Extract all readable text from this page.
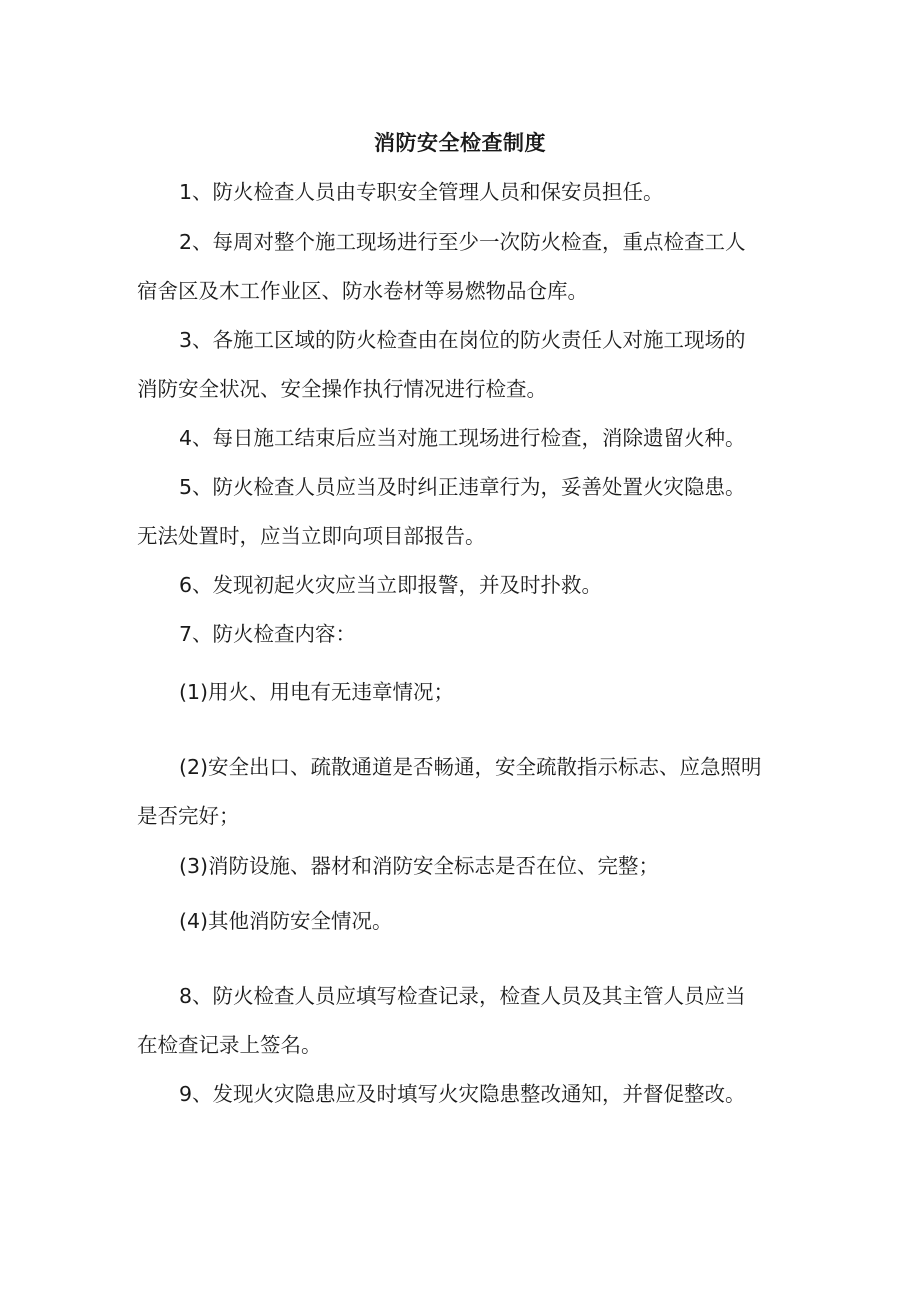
消防安全检查制度
1、防火检查人员由专职安全管理人员和保安员担任。
2、每周对整个施工现场进行至少一次防火检查，重点检查工人
宿舍区及木工作业区、防水卷材等易燃物品仓库。
3、各施工区域的防火检查由在岗位的防火责任人对施工现场的
消防安全状况、安全操作执行情况进行检查。
4、每日施工结束后应当对施工现场进行检查，消除遗留火种。
5、防火检查人员应当及时纠正违章行为，妥善处置火灾隐患。
无法处置时，应当立即向项目部报告。
6、发现初起火灾应当立即报警，并及时扑救。
7、防火检查内容：
(1)用火、用电有无违章情况；
(2)安全出口、疏散通道是否畅通，安全疏散指示标志、应急照明
是否完好；
(3)消防设施、器材和消防安全标志是否在位、完整；
(4)其他消防安全情况。
8、防火检查人员应填写检查记录，检查人员及其主管人员应当
在检查记录上签名。
9、发现火灾隐患应及时填写火灾隐患整改通知，并督促整改。
